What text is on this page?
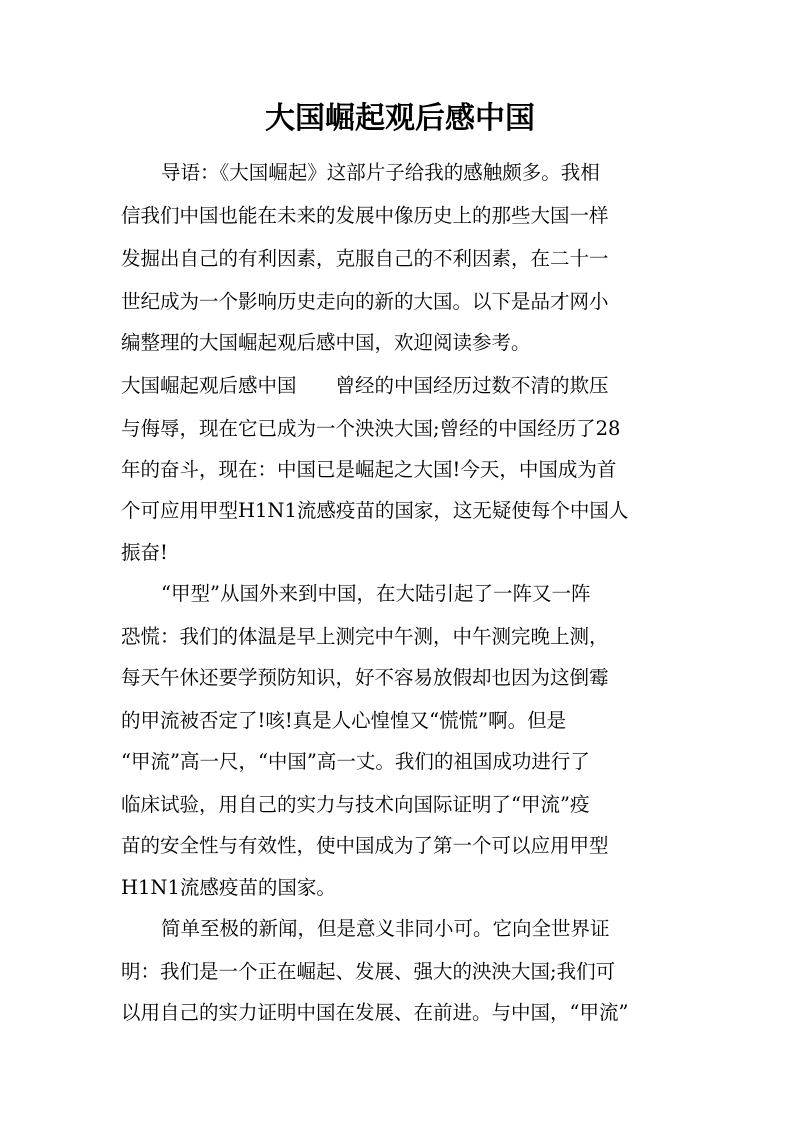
大国崛起观后感中国
导语：《大国崛起》这部片子给我的感触颇多。我相
信我们中国也能在未来的发展中像历史上的那些大国一样
发掘出自己的有利因素，克服自己的不利因素，在二十一
世纪成为一个影响历史走向的新的大国。以下是品才网小
编整理的大国崛起观后感中国，欢迎阅读参考。
大国崛起观后感中国　　曾经的中国经历过数不清的欺压
与侮辱，现在它已成为一个泱泱大国;曾经的中国经历了28
年的奋斗，现在：中国已是崛起之大国!今天，中国成为首
个可应用甲型H1N1流感疫苗的国家，这无疑使每个中国人
振奋!
“甲型”从国外来到中国，在大陆引起了一阵又一阵
恐慌：我们的体温是早上测完中午测，中午测完晚上测，
每天午休还要学预防知识，好不容易放假却也因为这倒霉
的甲流被否定了!咳!真是人心惶惶又“慌慌”啊。但是
“甲流”高一尺，“中国”高一丈。我们的祖国成功进行了
临床试验，用自己的实力与技术向国际证明了“甲流”疫
苗的安全性与有效性，使中国成为了第一个可以应用甲型
H1N1流感疫苗的国家。
简单至极的新闻，但是意义非同小可。它向全世界证
明：我们是一个正在崛起、发展、强大的泱泱大国;我们可
以用自己的实力证明中国在发展、在前进。与中国，“甲流”
